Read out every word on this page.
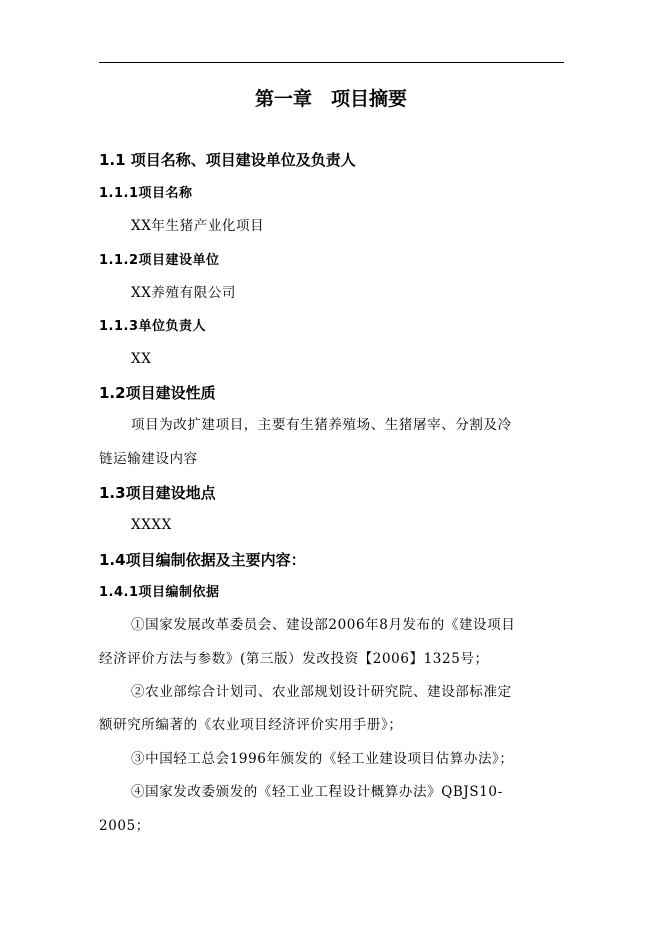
第一章　项目摘要
1.1 项目名称、项目建设单位及负责人
1.1.1项目名称
XX年生猪产业化项目
1.1.2项目建设单位
XX养殖有限公司
1.1.3单位负责人
XX
1.2项目建设性质
项目为改扩建项目，主要有生猪养殖场、生猪屠宰、分割及冷
链运输建设内容
1.3项目建设地点
XXXX
1.4项目编制依据及主要内容：
1.4.1项目编制依据
①国家发展改革委员会、建设部2006年8月发布的《建设项目
经济评价方法与参数》(第三版）发改投资【2006】1325号；
②农业部综合计划司、农业部规划设计研究院、建设部标准定
额研究所编著的《农业项目经济评价实用手册》；
③中国轻工总会1996年颁发的《轻工业建设项目估算办法》；
④国家发改委颁发的《轻工业工程设计概算办法》QBJS10-
2005；
